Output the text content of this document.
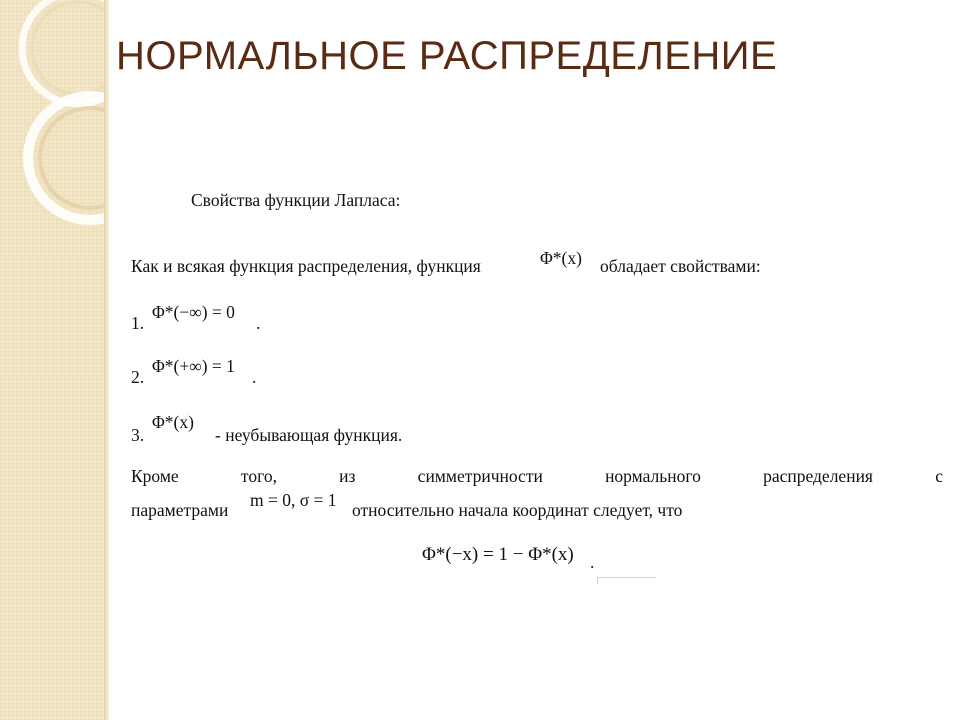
НОРМАЛЬНОЕ РАСПРЕДЕЛЕНИЕ
Свойства функции Лапласа:
Как и всякая функция распределения, функция	Φ*(x) обладает свойствами:
1.
Φ*(−∞) = 0
.
2.
Φ*(+∞) = 1
.
3.
Φ*(x)
- неубывающая функция.
Кроме	того,	из	симметричности	нормального	распределения	с
параметрами m = 0, σ = 1 относительно начала координат следует, что
Φ*(−x) = 1 − Φ*(x) .
